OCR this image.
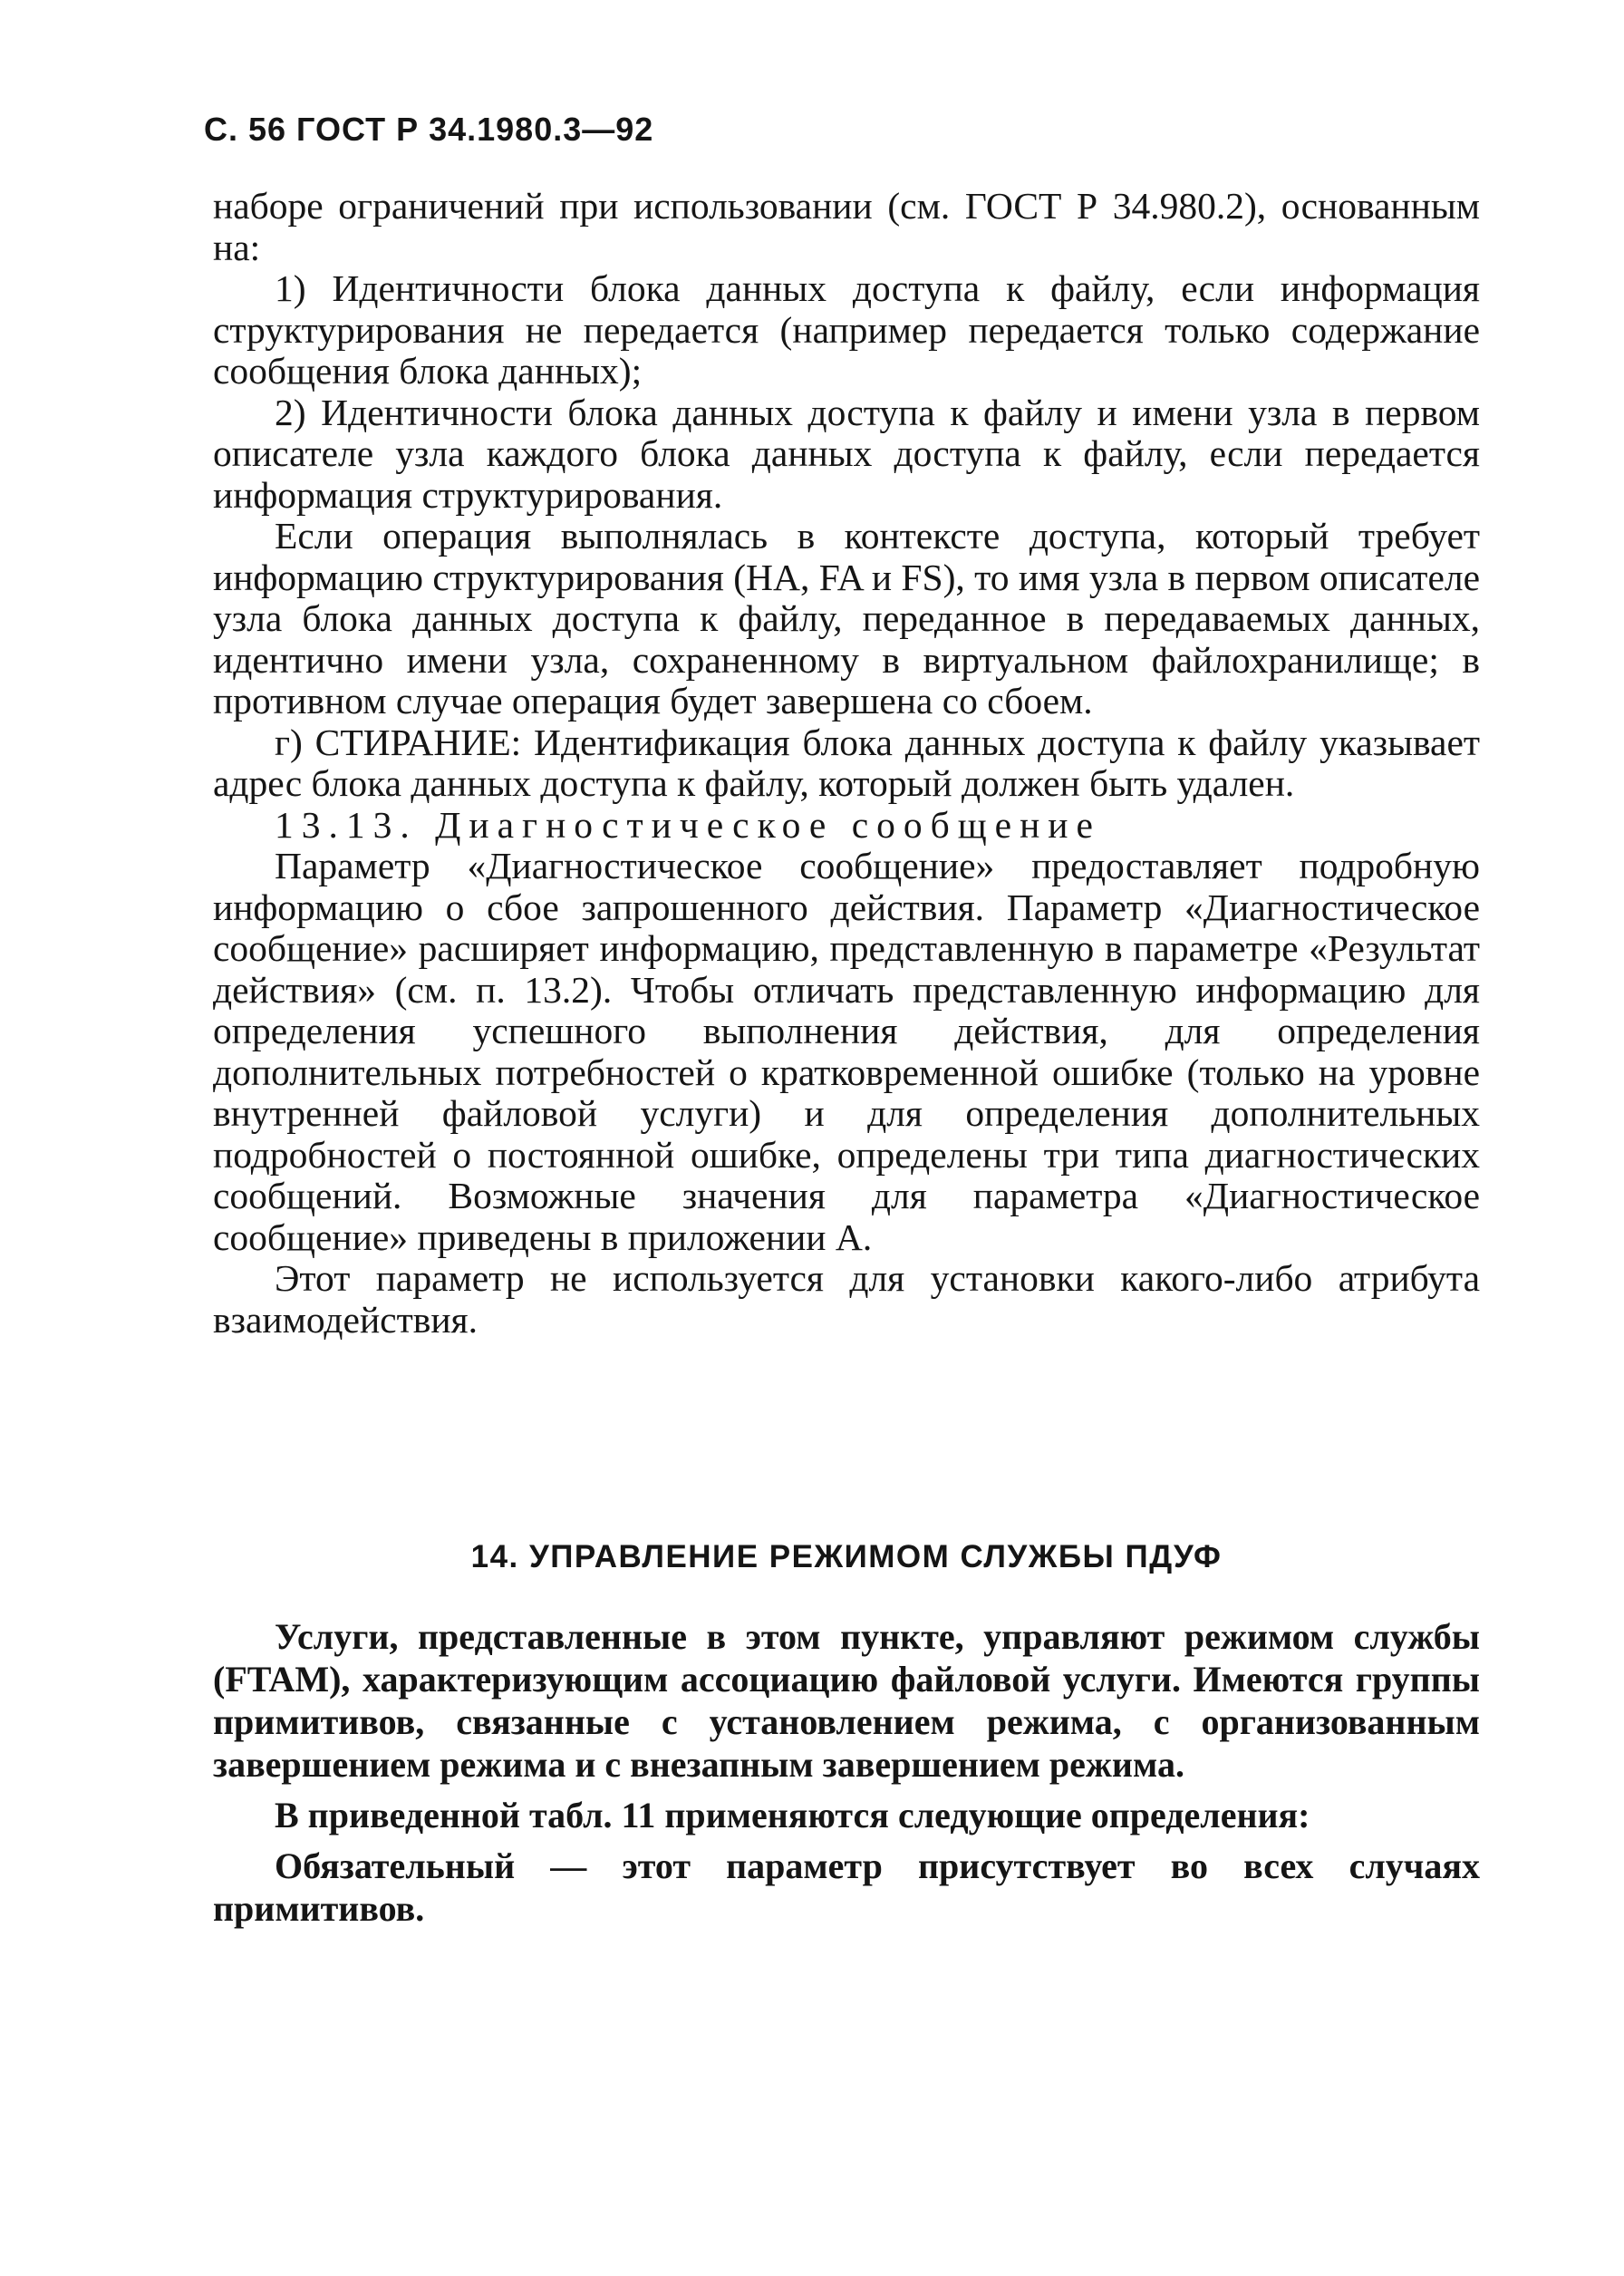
С. 56 ГОСТ Р 34.1980.3—92

наборе ограничений при использовании (см. ГОСТ Р 34.980.2), основанным на:

1) Идентичности блока данных доступа к файлу, если информация структурирования не передается (например передается только содержание сообщения блока данных);

2) Идентичности блока данных доступа к файлу и имени узла в первом описателе узла каждого блока данных доступа к файлу, если передается информация структурирования.

Если операция выполнялась в контексте доступа, который требует информацию структурирования (НА, FA и FS), то имя узла в первом описателе узла блока данных доступа к файлу, переданное в передаваемых данных, идентично имени узла, сохраненному в виртуальном файлохранилище; в противном случае операция будет завершена со сбоем.

г) СТИРАНИЕ: Идентификация блока данных доступа к файлу указывает адрес блока данных доступа к файлу, который должен быть удален.

13.13. Диагностическое сообщение

Параметр «Диагностическое сообщение» предоставляет подробную информацию о сбое запрошенного действия. Параметр «Диагностическое сообщение» расширяет информацию, представленную в параметре «Результат действия» (см. п. 13.2). Чтобы отличать представленную информацию для определения успешного выполнения действия, для определения дополнительных потребностей о кратковременной ошибке (только на уровне внутренней файловой услуги) и для определения дополнительных подробностей о постоянной ошибке, определены три типа диагностических сообщений. Возможные значения для параметра «Диагностическое сообщение» приведены в приложении А.

Этот параметр не используется для установки какого-либо атрибута взаимодействия.

14. УПРАВЛЕНИЕ РЕЖИМОМ СЛУЖБЫ ПДУФ

Услуги, представленные в этом пункте, управляют режимом службы (FTAM), характеризующим ассоциацию файловой услуги. Имеются группы примитивов, связанные с установлением режима, с организованным завершением режима и с внезапным завершением режима.

В приведенной табл. 11 применяются следующие определения:

Обязательный — этот параметр присутствует во всех случаях примитивов.
